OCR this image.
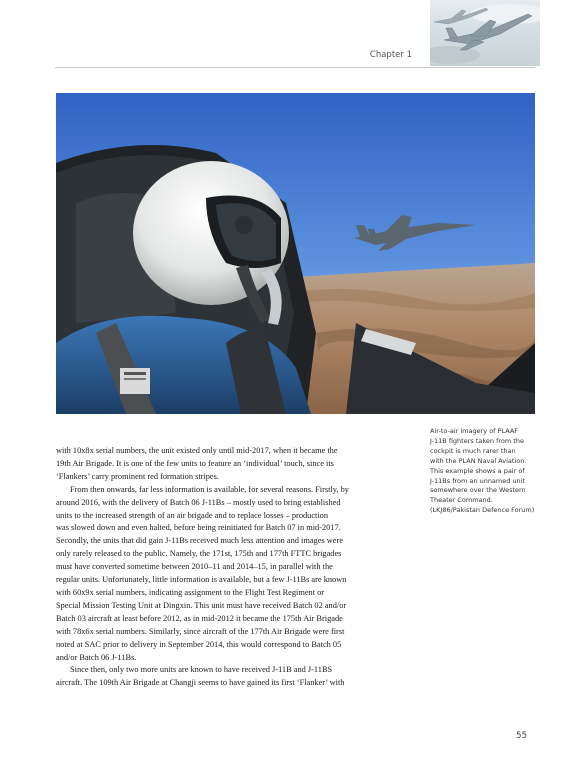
Chapter 1

Air-to-air imagery of PLAAF

J-11B fighters taken from the

cockpit is much rarer than

with the PLAN Naval Aviation.

This example shows a pair of

J-11Bs from an unnamed unit

somewhere over the Western

Theater Command.

(LKJ86/Pakistan Defence Forum)

with 10x8x serial numbers, the unit existed only until mid-2017, when it became the

19th Air Brigade. It is one of the few units to feature an ‘individual’ touch, since its

‘Flankers’ carry prominent red formation stripes.

From then onwards, far less information is available, for several reasons. Firstly, by

around 2016, with the delivery of Batch 06 J-11Bs – mostly used to bring established

units to the increased strength of an air brigade and to replace losses – production

was slowed down and even halted, before being reinitiated for Batch 07 in mid-2017.

Secondly, the units that did gain J-11Bs received much less attention and images were

only rarely released to the public. Namely, the 171st, 175th and 177th FTTC brigades

must have converted sometime between 2010–11 and 2014–15, in parallel with the

regular units. Unfortunately, little information is available, but a few J-11Bs are known

with 60x9x serial numbers, indicating assignment to the Flight Test Regiment or

Special Mission Testing Unit at Dingxin. This unit must have received Batch 02 and/or

Batch 03 aircraft at least before 2012, as in mid-2012 it became the 175th Air Brigade

with 78x6x serial numbers. Similarly, since aircraft of the 177th Air Brigade were first

noted at SAC prior to delivery in September 2014, this would correspond to Batch 05

and/or Batch 06 J-11Bs.

Since then, only two more units are known to have received J-11B and J-11BS

aircraft. The 109th Air Brigade at Changji seems to have gained its first ‘Flanker’ with

55
